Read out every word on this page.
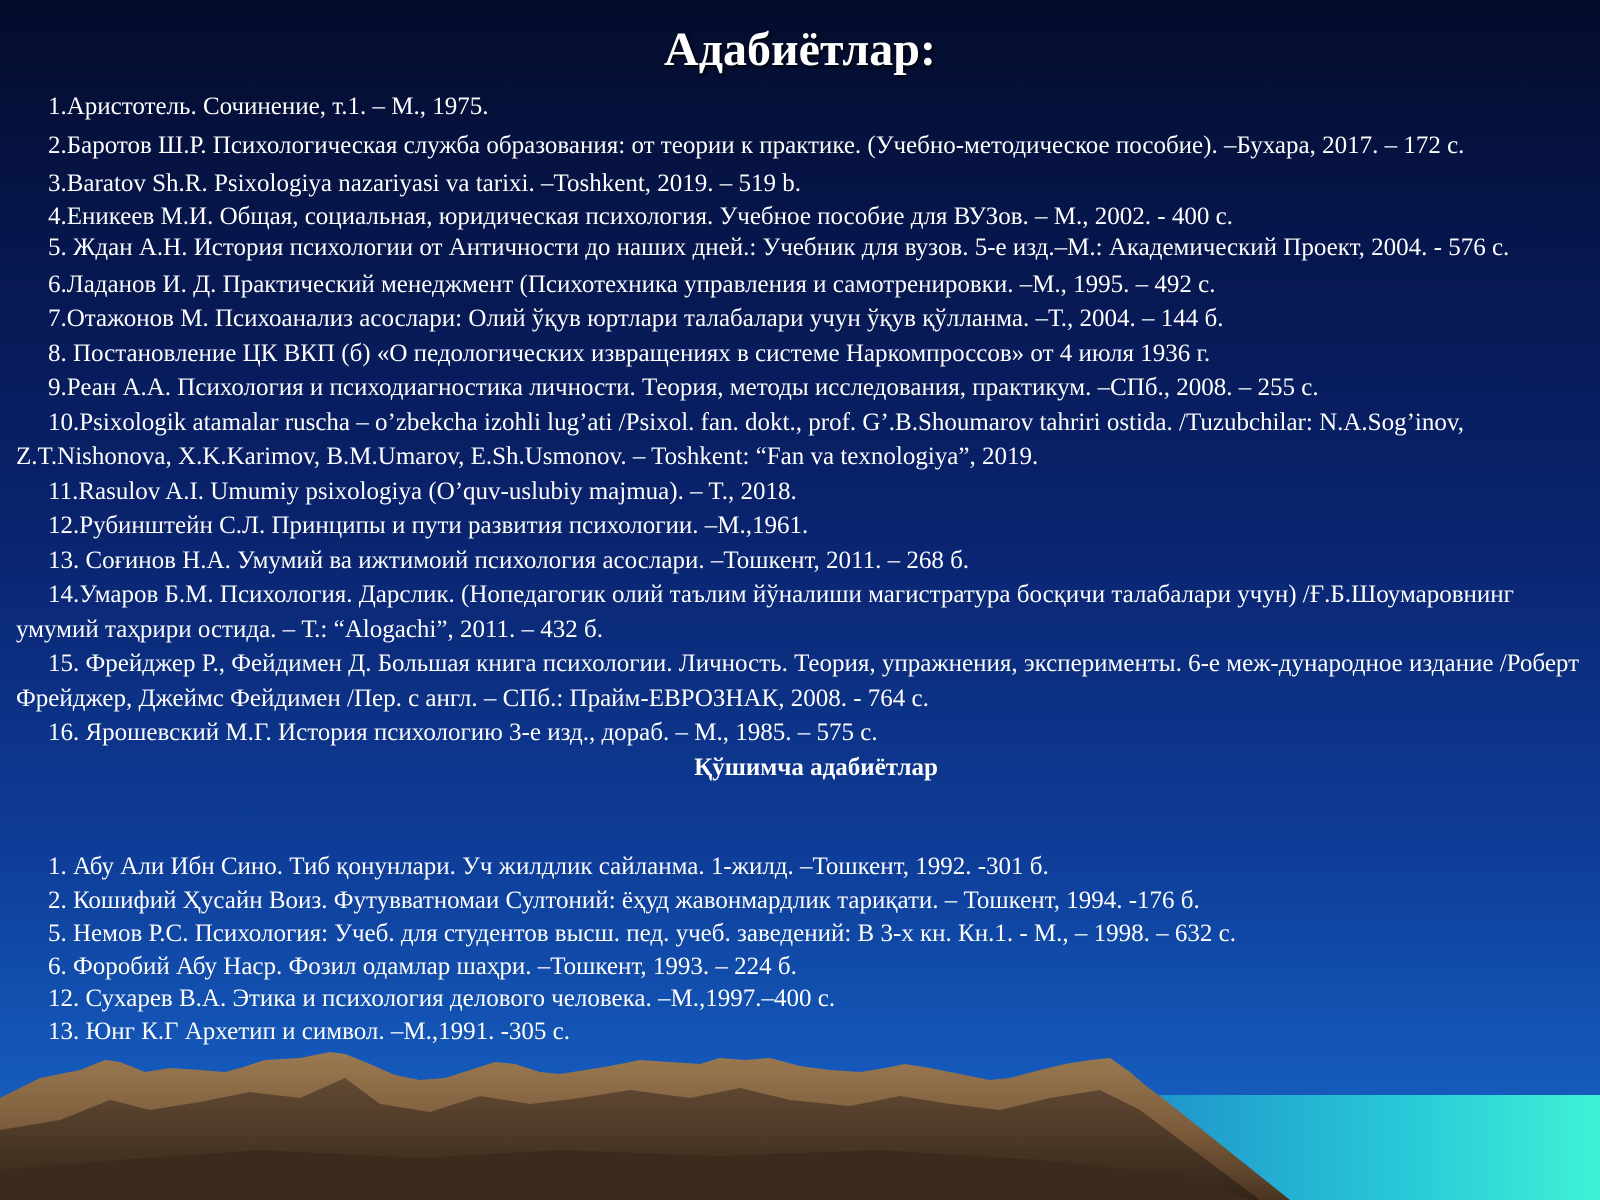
Адабиётлар:
1.Аристотель. Сочинение, т.1. – М., 1975.
2.Баротов Ш.Р. Психологическая служба образования: от теории к практике. (Учебно-методическое пособие). –Бухара, 2017. – 172 с.
3.Baratov Sh.R. Psixologiya nazariyasi va tarixi. –Toshkent, 2019. – 519 b.
4.Еникеев М.И. Общая, социальная, юридическая психология. Учебное пособие для ВУЗов. – М., 2002. - 400 с.
5. Ждан А.Н. История психологии от Античности до наших дней.: Учебник для вузов. 5-е изд.–М.: Академический Проект, 2004. - 576 с.
6.Ладанов И. Д. Практический менеджмент (Психотехника управления и самотренировки. –М., 1995. – 492 с.
7.Отажонов М. Психоанализ асослари: Олий ўқув юртлари талабалари учун ўқув қўлланма. –Т., 2004. – 144 б.
8. Постановление ЦК ВКП (б) «О педологических извращениях в системе Наркомпроссов» от 4 июля 1936 г.
9.Реан А.А. Психология и психодиагностика личности. Теория, методы исследования, практикум. –СПб., 2008. – 255 с.
10.Psixologik atamalar ruscha – o’zbekcha izohli lug’ati /Psixol. fan. dokt., prof. G’.B.Shoumarov tahriri ostida. /Tuzubchilar: N.A.Sog’inov, Z.T.Nishonova, X.K.Karimov, B.M.Umarov, E.Sh.Usmonov. – Toshkent: “Fan va texnologiya”, 2019.
11.Rasulov A.I. Umumiy psixologiya (O’quv-uslubiy majmua). – T., 2018.
12.Рубинштейн С.Л. Принципы и пути развития психологии. –М.,1961.
13. Соғинов Н.А. Умумий ва ижтимоий психология асослари. –Тошкент, 2011. – 268 б.
14.Умаров Б.М. Психология. Дарслик. (Нопедагогик олий таълим йўналиши магистратура босқичи талабалари учун) /Ғ.Б.Шоумаровнинг умумий таҳрири остида. – Т.: “Alogachi”, 2011. – 432 б.
15. Фрейджер Р., Фейдимен Д. Большая книга психологии. Личность. Теория, упражнения, эксперименты. 6-е меж-дународное издание /Роберт Фрейджер, Джеймс Фейдимен /Пер. с англ. – СПб.: Прайм-ЕВРОЗНАК, 2008. - 764 с.
16. Ярошевский М.Г. История психологию 3-е изд., дораб. – М., 1985. – 575 с.
Қўшимча адабиётлар
1. Абу Али Ибн Сино. Тиб қонунлари. Уч жилдлик сайланма. 1-жилд. –Тошкент, 1992. -301 б.
2. Кошифий Ҳусайн Воиз. Футувватномаи Султоний: ёҳуд жавонмардлик тариқати. – Тошкент, 1994. -176 б.
5. Немов Р.С. Психология: Учеб. для студентов высш. пед. учеб. заведений: В 3-х кн. Кн.1. - М., – 1998. – 632 с.
6. Форобий Абу Наср. Фозил одамлар шаҳри. –Тошкент, 1993. – 224 б.
12. Сухарев В.А. Этика и психология делового человека. –М.,1997.–400 с.
13. Юнг К.Г Архетип и символ. –М.,1991. -305 с.
